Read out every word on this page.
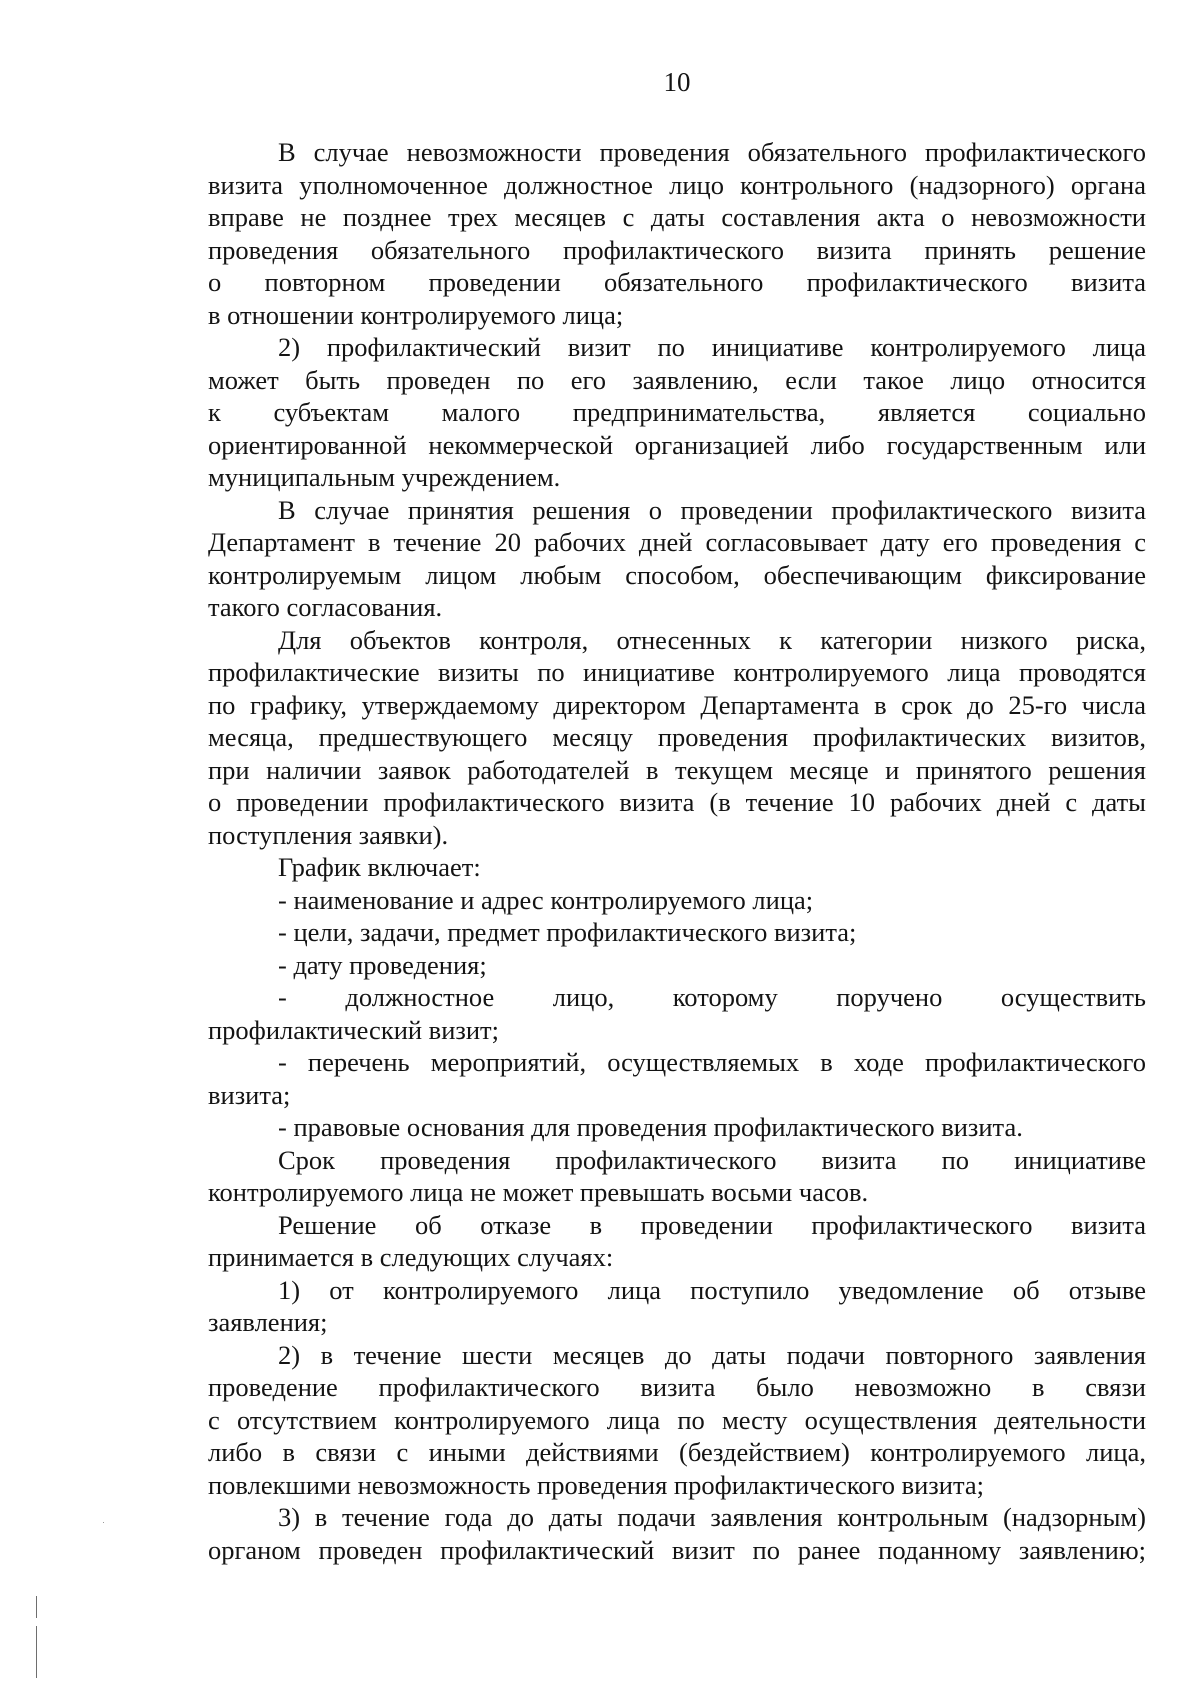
10
В случае невозможности проведения обязательного профилактического
визита уполномоченное должностное лицо контрольного (надзорного) органа
вправе не позднее трех месяцев с даты составления акта о невозможности
проведения обязательного профилактического визита принять решение
о повторном проведении обязательного профилактического визита
в отношении контролируемого лица;
2) профилактический визит по инициативе контролируемого лица
может быть проведен по его заявлению, если такое лицо относится
к субъектам малого предпринимательства, является социально
ориентированной некоммерческой организацией либо государственным или
муниципальным учреждением.
В случае принятия решения о проведении профилактического визита
Департамент в течение 20 рабочих дней согласовывает дату его проведения с
контролируемым лицом любым способом, обеспечивающим фиксирование
такого согласования.
Для объектов контроля, отнесенных к категории низкого риска,
профилактические визиты по инициативе контролируемого лица проводятся
по графику, утверждаемому директором Департамента в срок до 25-го числа
месяца, предшествующего месяцу проведения профилактических визитов,
при наличии заявок работодателей в текущем месяце и принятого решения
о проведении профилактического визита (в течение 10 рабочих дней с даты
поступления заявки).
График включает:
- наименование и адрес контролируемого лица;
- цели, задачи, предмет профилактического визита;
- дату проведения;
- должностное лицо, которому поручено осуществить
профилактический визит;
- перечень мероприятий, осуществляемых в ходе профилактического
визита;
- правовые основания для проведения профилактического визита.
Срок проведения профилактического визита по инициативе
контролируемого лица не может превышать восьми часов.
Решение об отказе в проведении профилактического визита
принимается в следующих случаях:
1) от контролируемого лица поступило уведомление об отзыве
заявления;
2) в течение шести месяцев до даты подачи повторного заявления
проведение профилактического визита было невозможно в связи
с отсутствием контролируемого лица по месту осуществления деятельности
либо в связи с иными действиями (бездействием) контролируемого лица,
повлекшими невозможность проведения профилактического визита;
3) в течение года до даты подачи заявления контрольным (надзорным)
органом проведен профилактический визит по ранее поданному заявлению;
